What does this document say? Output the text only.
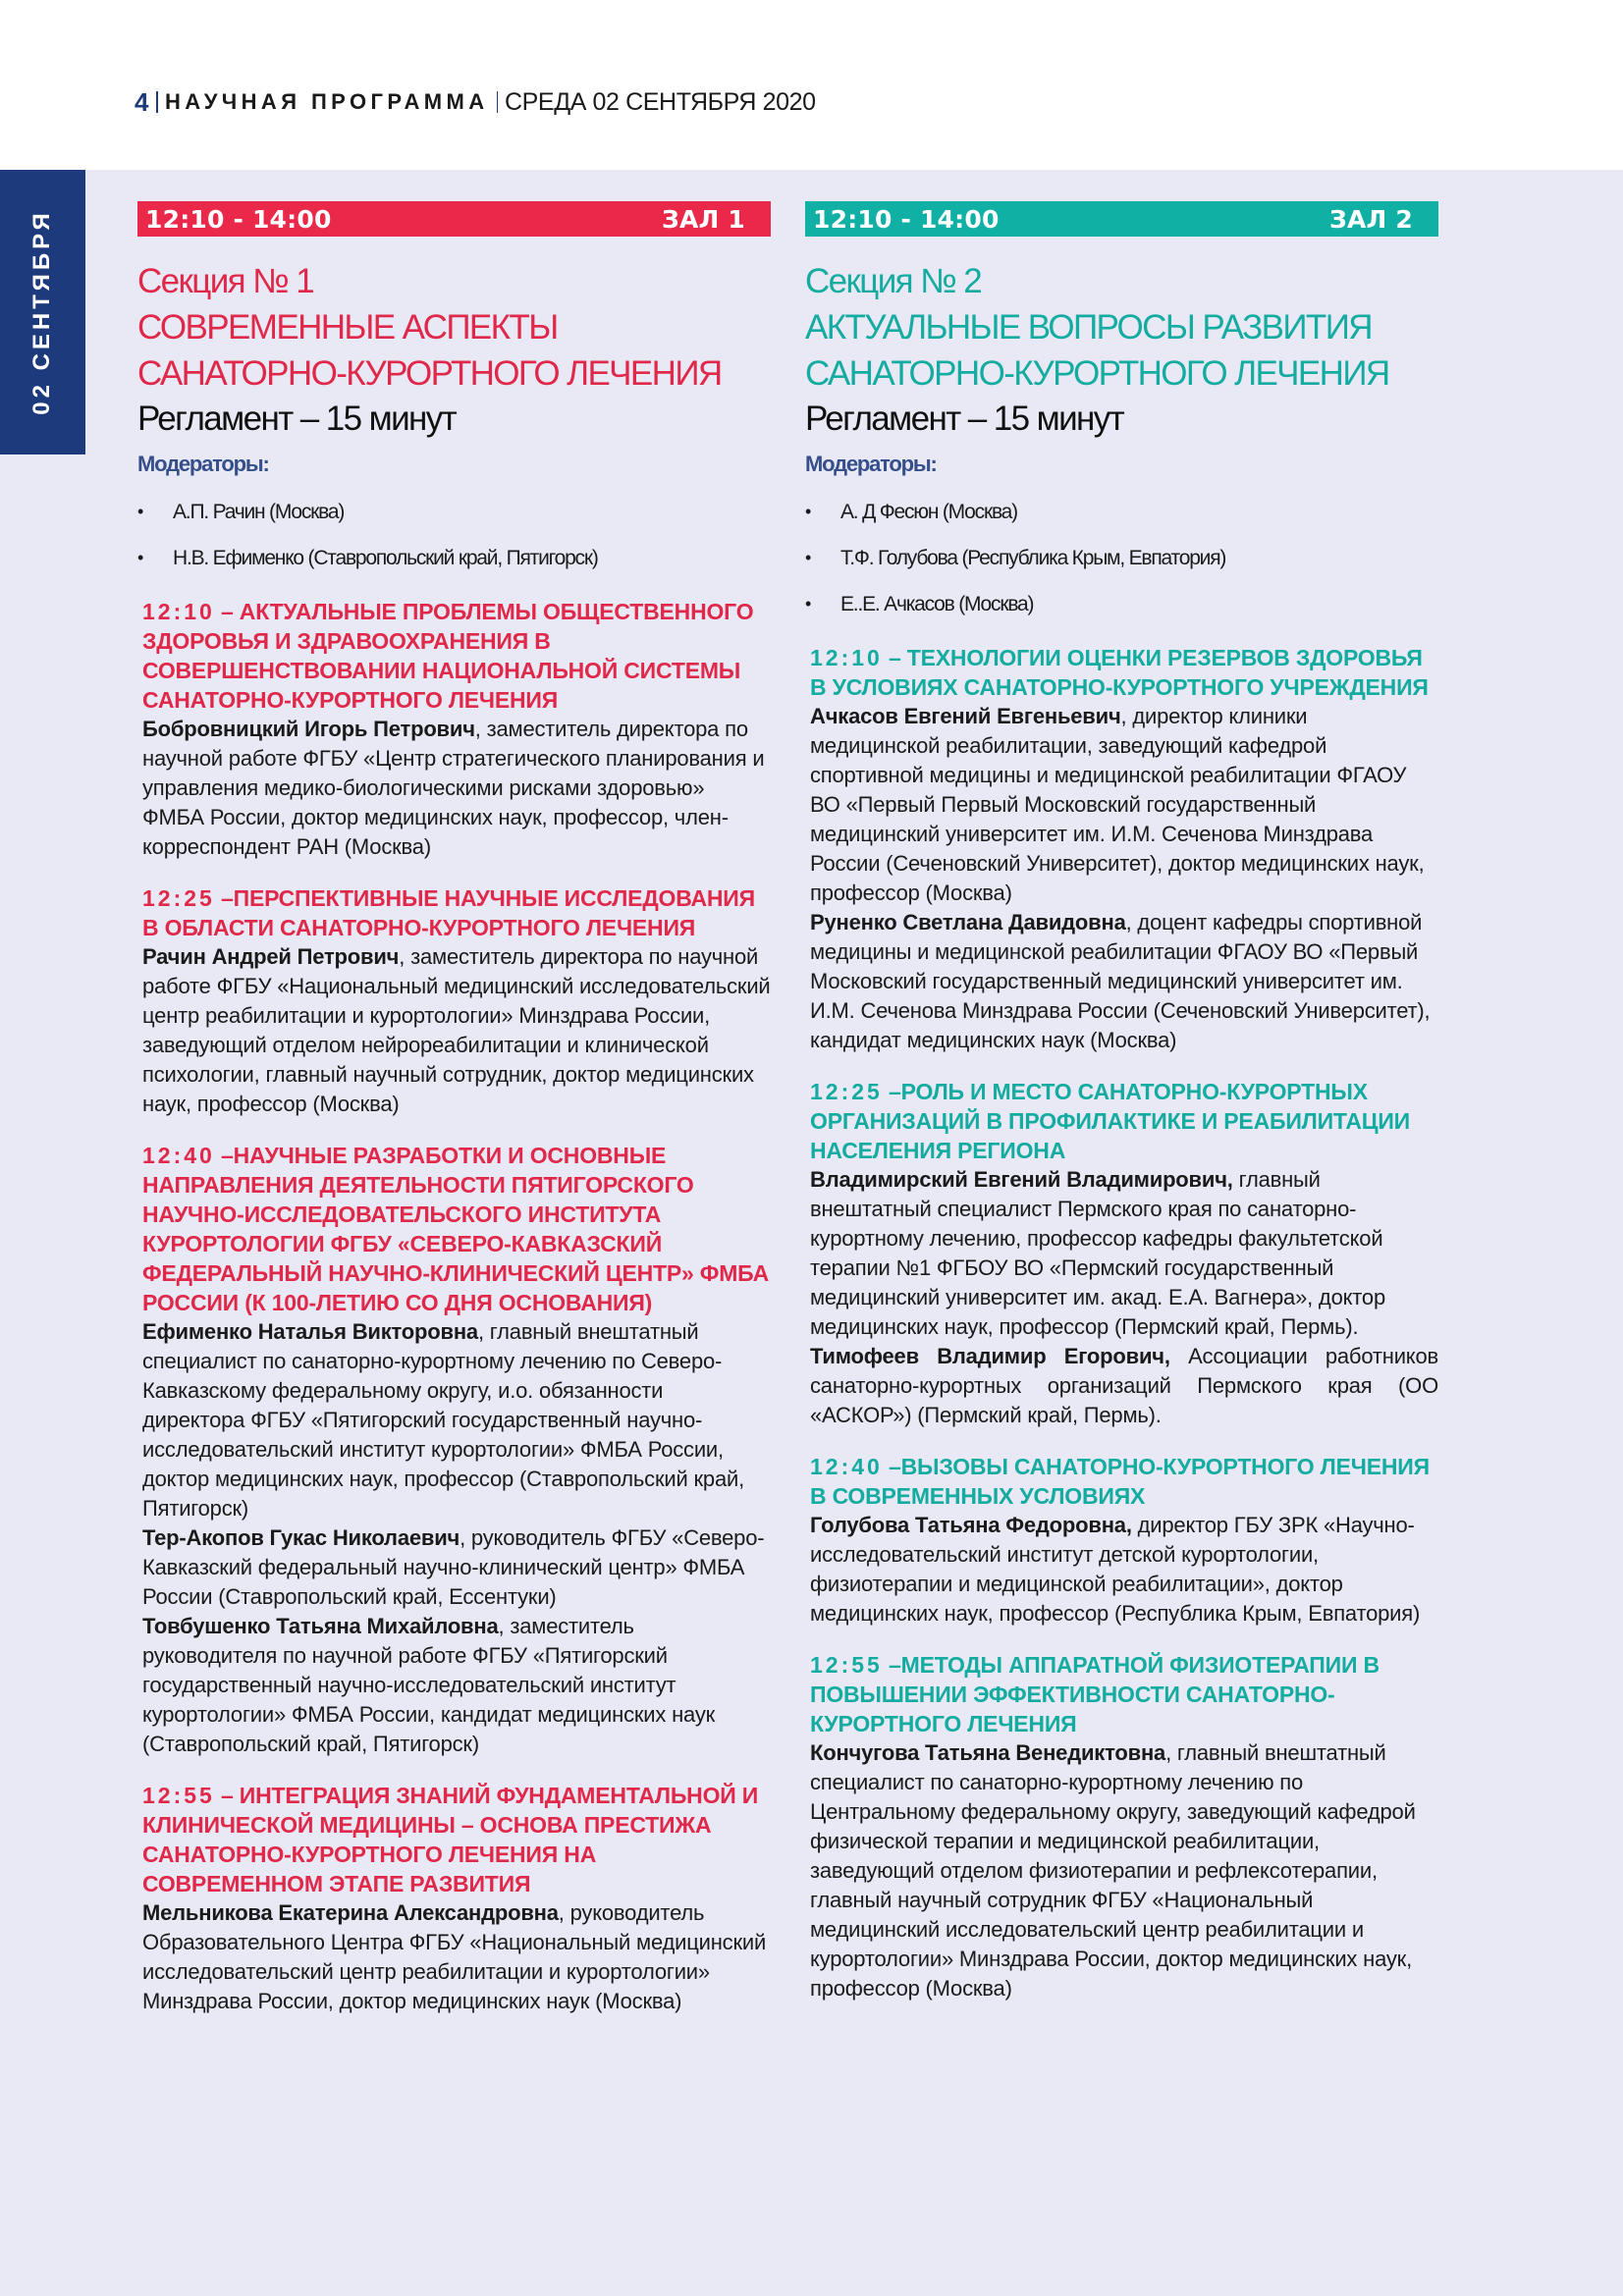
4 НАУЧНАЯ ПРОГРАММА СРЕДА 02 СЕНТЯБРЯ 2020
02 СЕНТЯБРЯ	12:10 - 14:00	ЗАЛ 1
Секция № 1
СОВРЕМЕННЫЕ АСПЕКТЫ
САНАТОРНО-КУРОРТНОГО ЛЕЧЕНИЯ
Регламент – 15 минут
Модераторы:
•	А.П. Рачин (Москва)
•	Н.В. Ефименко (Ставропольский край, Пятигорск)
12:10 – АКТУАЛЬНЫЕ ПРОБЛЕМЫ ОБЩЕСТВЕННОГО ЗДОРОВЬЯ И ЗДРАВООХРАНЕНИЯ В СОВЕРШЕНСТВОВАНИИ НАЦИОНАЛЬНОЙ СИСТЕМЫ САНАТОРНО-КУРОРТНОГО ЛЕЧЕНИЯ
Бобровницкий Игорь Петрович, заместитель директора по научной работе ФГБУ «Центр стратегического планирования и управления медико-биологическими рисками здоровью» ФМБА России, доктор медицинских наук, профессор, член-корреспондент РАН (Москва)
12:25 –ПЕРСПЕКТИВНЫЕ НАУЧНЫЕ ИССЛЕДОВАНИЯ В ОБЛАСТИ САНАТОРНО-КУРОРТНОГО ЛЕЧЕНИЯ
Рачин Андрей Петрович, заместитель директора по научной работе ФГБУ «Национальный медицинский исследовательский центр реабилитации и курортологии» Минздрава России, заведующий отделом нейрореабилитации и клинической психологии, главный научный сотрудник, доктор медицинских наук, профессор (Москва)
12:40 –НАУЧНЫЕ РАЗРАБОТКИ И ОСНОВНЫЕ НАПРАВЛЕНИЯ ДЕЯТЕЛЬНОСТИ ПЯТИГОРСКОГО НАУЧНО-ИССЛЕДОВАТЕЛЬСКОГО ИНСТИТУТА КУРОРТОЛОГИИ ФГБУ «СЕВЕРО-КАВКАЗСКИЙ ФЕДЕРАЛЬНЫЙ НАУЧНО-КЛИНИЧЕСКИЙ ЦЕНТР» ФМБА РОССИИ (К 100-ЛЕТИЮ СО ДНЯ ОСНОВАНИЯ)
Ефименко Наталья Викторовна, главный внештатный специалист по санаторно-курортному лечению по Северо-Кавказскому федеральному округу, и.о. обязанности директора ФГБУ «Пятигорский государственный научно-исследовательский институт курортологии» ФМБА России, доктор медицинских наук, профессор (Ставропольский край, Пятигорск)
Тер-Акопов Гукас Николаевич, руководитель ФГБУ «Северо-Кавказский федеральный научно-клинический центр» ФМБА России (Ставропольский край, Ессентуки)
Товбушенко Татьяна Михайловна, заместитель руководителя по научной работе ФГБУ «Пятигорский государственный научно-исследовательский институт курортологии» ФМБА России, кандидат медицинских наук (Ставропольский край, Пятигорск)
12:55 – ИНТЕГРАЦИЯ ЗНАНИЙ ФУНДАМЕНТАЛЬНОЙ И КЛИНИЧЕСКОЙ МЕДИЦИНЫ – ОСНОВА ПРЕСТИЖА САНАТОРНО-КУРОРТНОГО ЛЕЧЕНИЯ НА СОВРЕМЕННОМ ЭТАПЕ РАЗВИТИЯ
Мельникова Екатерина Александровна, руководитель Образовательного Центра ФГБУ «Национальный медицинский исследовательский центр реабилитации и курортологии» Минздрава России, доктор медицинских наук (Москва)
12:10 - 14:00	ЗАЛ 2
Секция № 2
АКТУАЛЬНЫЕ ВОПРОСЫ РАЗВИТИЯ
САНАТОРНО-КУРОРТНОГО ЛЕЧЕНИЯ
Регламент – 15 минут
Модераторы:
•	А. Д Фесюн (Москва)
•	Т.Ф. Голубова (Республика Крым, Евпатория)
•	Е..Е. Ачкасов (Москва)
12:10 – ТЕХНОЛОГИИ ОЦЕНКИ РЕЗЕРВОВ ЗДОРОВЬЯ В УСЛОВИЯХ САНАТОРНО-КУРОРТНОГО УЧРЕЖДЕНИЯ
Ачкасов Евгений Евгеньевич, директор клиники медицинской реабилитации, заведующий кафедрой спортивной медицины и медицинской реабилитации ФГАОУ ВО «Первый Первый Московский государственный медицинский университет им. И.М. Сеченова Минздрава России (Сеченовский Университет), доктор медицинских наук, профессор (Москва)
Руненко Светлана Давидовна, доцент кафедры спортивной медицины и медицинской реабилитации ФГАОУ ВО «Первый Московский государственный медицинский университет им. И.М. Сеченова Минздрава России (Сеченовский Университет), кандидат медицинских наук (Москва)
12:25 –РОЛЬ И МЕСТО САНАТОРНО-КУРОРТНЫХ ОРГАНИЗАЦИЙ В ПРОФИЛАКТИКЕ И РЕАБИЛИТАЦИИ НАСЕЛЕНИЯ РЕГИОНА
Владимирский Евгений Владимирович, главный внештатный специалист Пермского края по санаторно-курортному лечению, профессор кафедры факультетской терапии №1 ФГБОУ ВО «Пермский государственный медицинский университет им. акад. Е.А. Вагнера», доктор медицинских наук, профессор (Пермский край, Пермь).
Тимофеев Владимир Егорович, Ассоциации работников санаторно-курортных организаций Пермского края (ОО «АСКОР») (Пермский край, Пермь).
12:40 –ВЫЗОВЫ САНАТОРНО-КУРОРТНОГО ЛЕЧЕНИЯ В СОВРЕМЕННЫХ УСЛОВИЯХ
Голубова Татьяна Федоровна, директор ГБУ ЗРК «Научно-исследовательский институт детской курортологии, физиотерапии и медицинской реабилитации», доктор медицинских наук, профессор (Республика Крым, Евпатория)
12:55 –МЕТОДЫ АППАРАТНОЙ ФИЗИОТЕРАПИИ В ПОВЫШЕНИИ ЭФФЕКТИВНОСТИ САНАТОРНО-КУРОРТНОГО ЛЕЧЕНИЯ
Кончугова Татьяна Венедиктовна, главный внештатный специалист по санаторно-курортному лечению по Центральному федеральному округу, заведующий кафедрой физической терапии и медицинской реабилитации, заведующий отделом физиотерапии и рефлексотерапии, главный научный сотрудник ФГБУ «Национальный медицинский исследовательский центр реабилитации и курортологии» Минздрава России, доктор медицинских наук, профессор (Москва)
